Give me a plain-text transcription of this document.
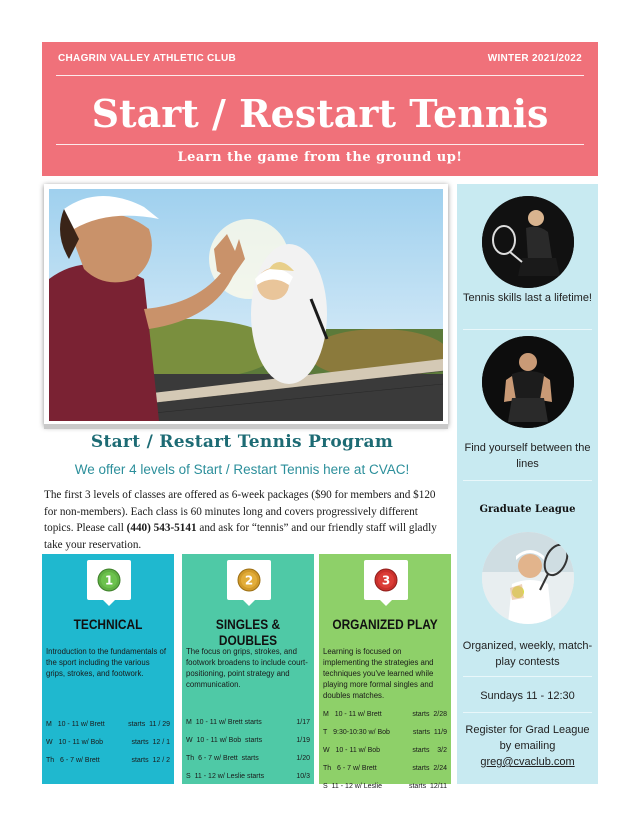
CHAGRIN VALLEY ATHLETIC CLUB	WINTER 2021/2022
Start / Restart Tennis
Learn the game from the ground up!
Start / Restart Tennis Program
We offer 4 levels of Start / Restart Tennis here at CVAC!
The first 3 levels of classes are offered as 6-week packages ($90 for members and $120 for non-members). Each class is 60 minutes long and covers progressively different topics. Please call (440) 543-5141 and ask for “tennis” and our friendly staff will gladly take your reservation.
1
TECHNICAL
Introduction to the fundamentals of the sport including the various grips, strokes, and footwork.
M 10 - 11 w/ Brett	starts 11 / 29
W 10 - 11 w/ Bob	starts 12 / 1
Th 6 - 7 w/ Brett	starts 12 / 2
2
SINGLES & DOUBLES
The focus on grips, strokes, and footwork broadens to include court-positioning, point strategy and communication.
M 10 - 11 w/ Brett starts	1/17
W 10 - 11 w/ Bob starts	1/19
Th 6 - 7 w/ Brett starts	1/20
S 11 - 12 w/ Leslie starts	10/3
3
ORGANIZED PLAY
Learning is focused on implementing the strategies and techniques you've learned while playing more formal singles and doubles matches.
M 10 - 11 w/ Brett	starts 2/28
T 9:30-10:30 w/ Bob	starts 11/9
W 10 - 11 w/ Bob	starts 3/2
Th 6 - 7 w/ Brett	starts 2/24
S 11 - 12 w/ Leslie	starts 12/11
Tennis skills last a lifetime!
Find yourself between the lines
Graduate League
Organized, weekly, match-play contests
Sundays 11 - 12:30
Register for Grad League by emailing
greg@cvaclub.com
